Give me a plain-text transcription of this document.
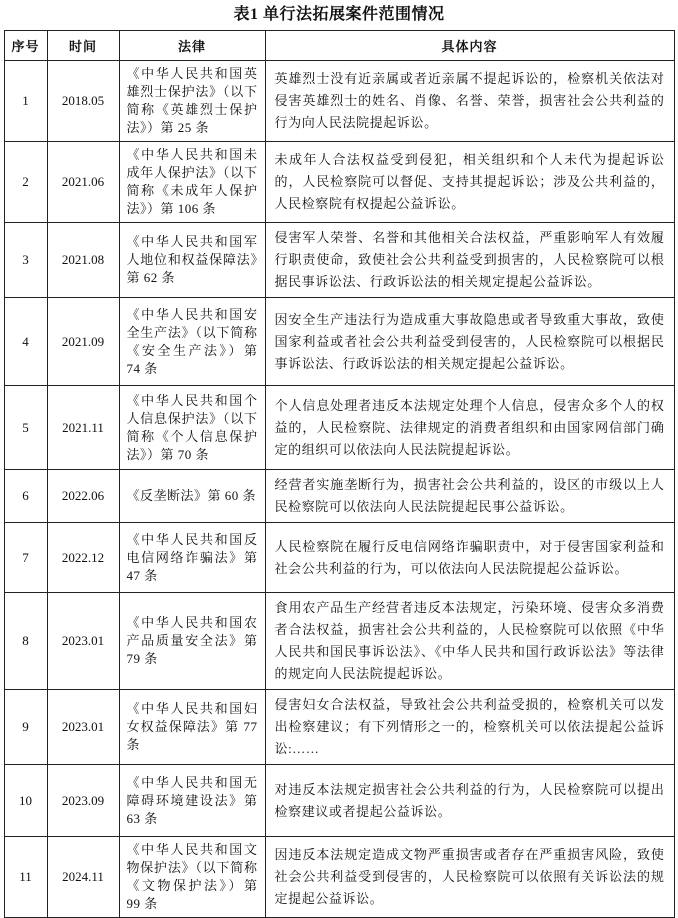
表1 单行法拓展案件范围情况
序号	时间	法律	具体内容
1	2018.05	《中华人民共和国英雄烈士保护法》（以下简称《英雄烈士保护法》）第 25 条	英雄烈士没有近亲属或者近亲属不提起诉讼的，检察机关依法对侵害英雄烈士的姓名、肖像、名誉、荣誉，损害社会公共利益的行为向人民法院提起诉讼。
2	2021.06	《中华人民共和国未成年人保护法》（以下简称《未成年人保护法》）第 106 条	未成年人合法权益受到侵犯，相关组织和个人未代为提起诉讼的，人民检察院可以督促、支持其提起诉讼；涉及公共利益的，人民检察院有权提起公益诉讼。
3	2021.08	《中华人民共和国军人地位和权益保障法》第 62 条	侵害军人荣誉、名誉和其他相关合法权益，严重影响军人有效履行职责使命，致使社会公共利益受到损害的，人民检察院可以根据民事诉讼法、行政诉讼法的相关规定提起公益诉讼。
4	2021.09	《中华人民共和国安全生产法》（以下简称《安全生产法》）第 74 条	因安全生产违法行为造成重大事故隐患或者导致重大事故，致使国家利益或者社会公共利益受到侵害的，人民检察院可以根据民事诉讼法、行政诉讼法的相关规定提起公益诉讼。
5	2021.11	《中华人民共和国个人信息保护法》（以下简称《个人信息保护法》）第 70 条	个人信息处理者违反本法规定处理个人信息，侵害众多个人的权益的，人民检察院、法律规定的消费者组织和由国家网信部门确定的组织可以依法向人民法院提起诉讼。
6	2022.06	《反垄断法》第 60 条	经营者实施垄断行为，损害社会公共利益的，设区的市级以上人民检察院可以依法向人民法院提起民事公益诉讼。
7	2022.12	《中华人民共和国反电信网络诈骗法》第 47 条	人民检察院在履行反电信网络诈骗职责中，对于侵害国家利益和社会公共利益的行为，可以依法向人民法院提起公益诉讼。
8	2023.01	《中华人民共和国农产品质量安全法》第 79 条	食用农产品生产经营者违反本法规定，污染环境、侵害众多消费者合法权益，损害社会公共利益的，人民检察院可以依照《中华人民共和国民事诉讼法》、《中华人民共和国行政诉讼法》等法律的规定向人民法院提起诉讼。
9	2023.01	《中华人民共和国妇女权益保障法》第 77 条	侵害妇女合法权益，导致社会公共利益受损的，检察机关可以发出检察建议；有下列情形之一的，检察机关可以依法提起公益诉讼:……
10	2023.09	《中华人民共和国无障碍环境建设法》第 63 条	对违反本法规定损害社会公共利益的行为，人民检察院可以提出检察建议或者提起公益诉讼。
11	2024.11	《中华人民共和国文物保护法》（以下简称《文物保护法》）第 99 条	因违反本法规定造成文物严重损害或者存在严重损害风险，致使社会公共利益受到侵害的，人民检察院可以依照有关诉讼法的规定提起公益诉讼。
